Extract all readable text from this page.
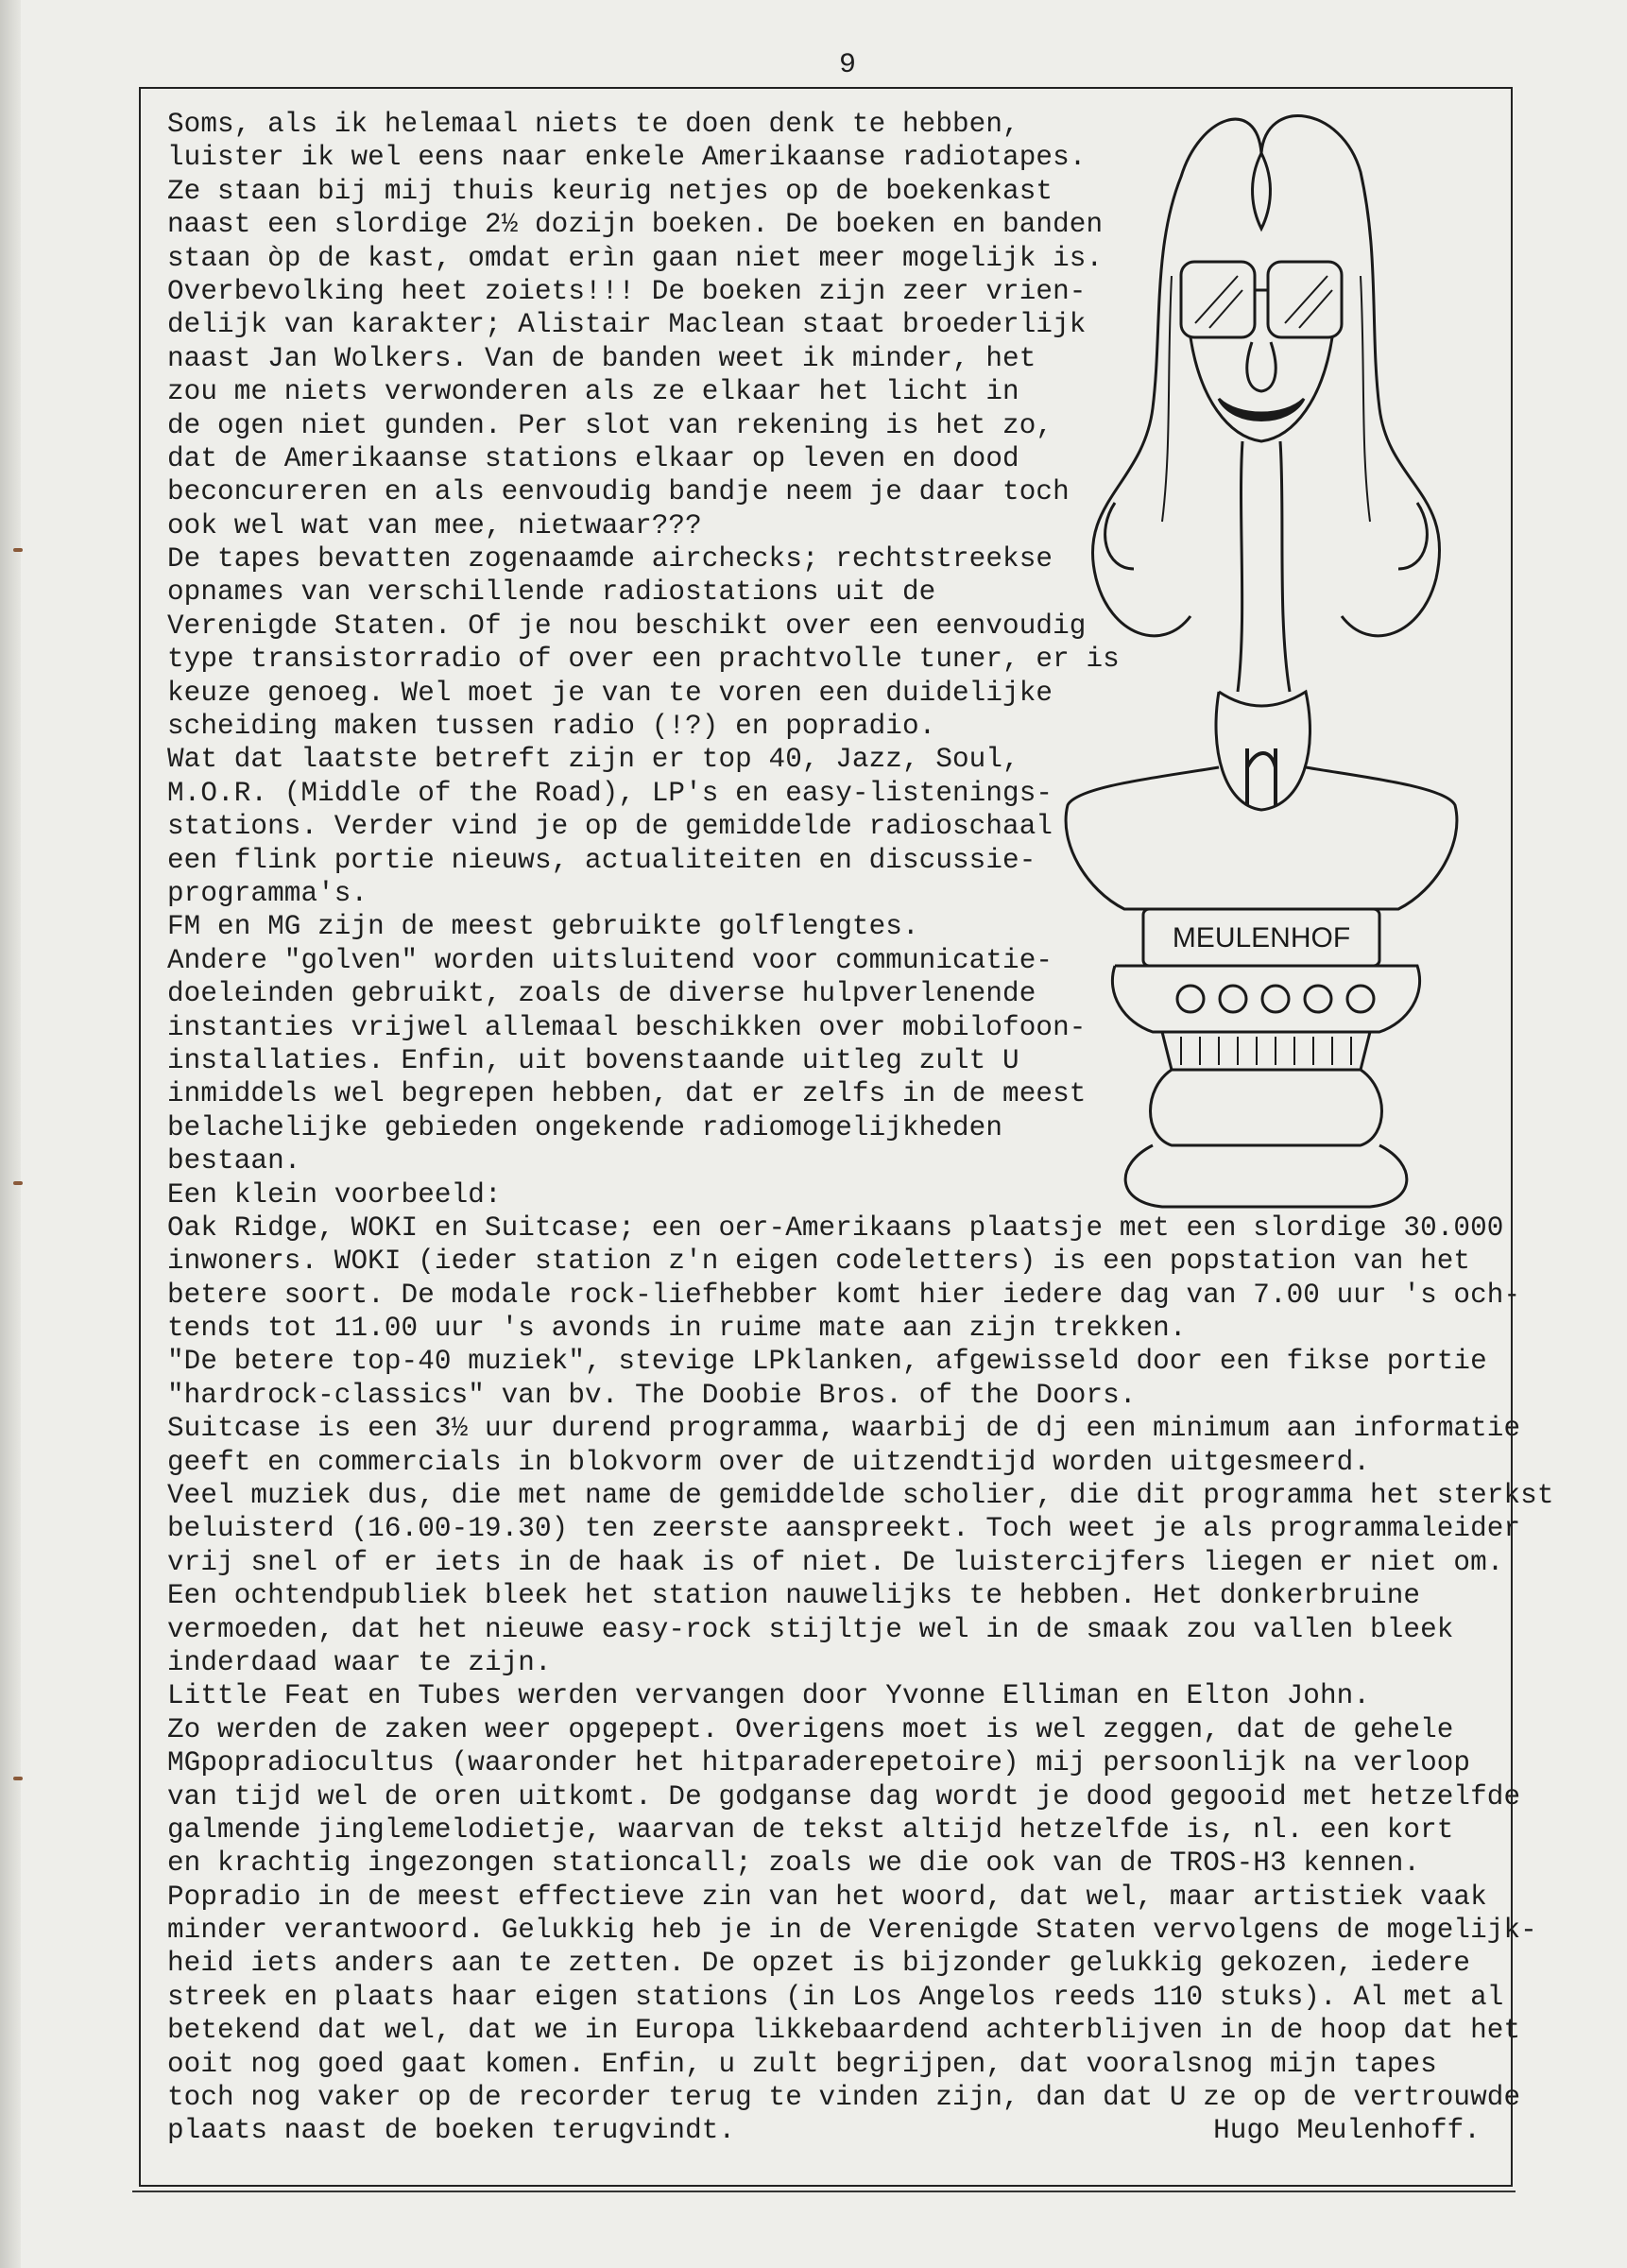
9
Soms, als ik helemaal niets te doen denk te hebben,
luister ik wel eens naar enkele Amerikaanse radiotapes.
Ze staan bij mij thuis keurig netjes op de boekenkast
naast een slordige 2½ dozijn boeken. De boeken en banden
staan òp de kast, omdat erìn gaan niet meer mogelijk is.
Overbevolking heet zoiets!!! De boeken zijn zeer vrien-
delijk van karakter; Alistair Maclean staat broederlijk
naast Jan Wolkers. Van de banden weet ik minder, het
zou me niets verwonderen als ze elkaar het licht in
de ogen niet gunden. Per slot van rekening is het zo,
dat de Amerikaanse stations elkaar op leven en dood
beconcureren en als eenvoudig bandje neem je daar toch
ook wel wat van mee, nietwaar???
De tapes bevatten zogenaamde airchecks; rechtstreekse
opnames van verschillende radiostations uit de
Verenigde Staten. Of je nou beschikt over een eenvoudig
type transistorradio of over een prachtvolle tuner, er is
keuze genoeg. Wel moet je van te voren een duidelijke
scheiding maken tussen radio (!?) en popradio.
Wat dat laatste betreft zijn er top 40, Jazz, Soul,
M.O.R. (Middle of the Road), LP's en easy-listenings-
stations. Verder vind je op de gemiddelde radioschaal
een flink portie nieuws, actualiteiten en discussie-
programma's.
FM en MG zijn de meest gebruikte golflengtes.
Andere "golven" worden uitsluitend voor communicatie-
doeleinden gebruikt, zoals de diverse hulpverlenende
instanties vrijwel allemaal beschikken over mobilofoon-
installaties. Enfin, uit bovenstaande uitleg zult U
inmiddels wel begrepen hebben, dat er zelfs in de meest
belachelijke gebieden ongekende radiomogelijkheden
bestaan.
Een klein voorbeeld:
Oak Ridge, WOKI en Suitcase; een oer-Amerikaans plaatsje met een slordige 30.000
inwoners. WOKI (ieder station z'n eigen codeletters) is een popstation van het
betere soort. De modale rock-liefhebber komt hier iedere dag van 7.00 uur 's och-
tends tot 11.00 uur 's avonds in ruime mate aan zijn trekken.
"De betere top-40 muziek", stevige LPklanken, afgewisseld door een fikse portie
"hardrock-classics" van bv. The Doobie Bros. of the Doors.
Suitcase is een 3½ uur durend programma, waarbij de dj een minimum aan informatie
geeft en commercials in blokvorm over de uitzendtijd worden uitgesmeerd.
Veel muziek dus, die met name de gemiddelde scholier, die dit programma het sterkst
beluisterd (16.00-19.30) ten zeerste aanspreekt. Toch weet je als programmaleider
vrij snel of er iets in de haak is of niet. De luistercijfers liegen er niet om.
Een ochtendpubliek bleek het station nauwelijks te hebben. Het donkerbruine
vermoeden, dat het nieuwe easy-rock stijltje wel in de smaak zou vallen bleek
inderdaad waar te zijn.
Little Feat en Tubes werden vervangen door Yvonne Elliman en Elton John.
Zo werden de zaken weer opgepept. Overigens moet is wel zeggen, dat de gehele
MGpopradiocultus (waaronder het hitparaderepetoire) mij persoonlijk na verloop
van tijd wel de oren uitkomt. De godganse dag wordt je dood gegooid met hetzelfde
galmende jinglemelodietje, waarvan de tekst altijd hetzelfde is, nl. een kort
en krachtig ingezongen stationcall; zoals we die ook van de TROS-H3 kennen.
Popradio in de meest effectieve zin van het woord, dat wel, maar artistiek vaak
minder verantwoord. Gelukkig heb je in de Verenigde Staten vervolgens de mogelijk-
heid iets anders aan te zetten. De opzet is bijzonder gelukkig gekozen, iedere
streek en plaats haar eigen stations (in Los Angelos reeds 110 stuks). Al met al
betekend dat wel, dat we in Europa likkebaardend achterblijven in de hoop dat het
ooit nog goed gaat komen. Enfin, u zult begrijpen, dat vooralsnog mijn tapes
toch nog vaker op de recorder terug te vinden zijn, dan dat U ze op de vertrouwde
plaats naast de boeken terugvindt.	Hugo Meulenhoff.
MEULENHOF
